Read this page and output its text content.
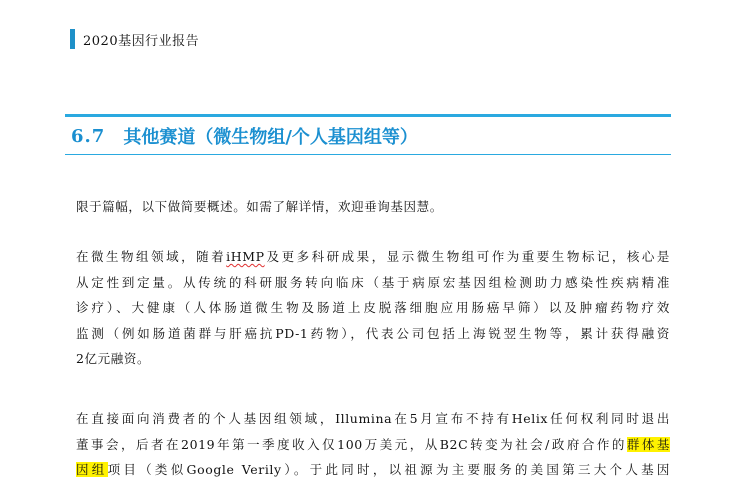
2020基因行业报告
6.7 其他赛道（微生物组/个人基因组等）
限于篇幅，以下做简要概述。如需了解详情，欢迎垂询基因慧。
在微生物组领域，随着iHMP及更多科研成果，显示微生物组可作为重要生物标记，核心是
从定性到定量。从传统的科研服务转向临床（基于病原宏基因组检测助力感染性疾病精准
诊疗）、大健康（人体肠道微生物及肠道上皮脱落细胞应用肠癌早筛）以及肿瘤药物疗效
监测（例如肠道菌群与肝癌抗PD-1药物），代表公司包括上海锐翌生物等，累计获得融资
2亿元融资。
在直接面向消费者的个人基因组领域，Illumina在5月宣布不持有Helix任何权利同时退出
董事会，后者在2019年第一季度收入仅100万美元，从B2C转变为社会/政府合作的群体基
因组项目（类似Google Verily）。于此同时，以祖源为主要服务的美国第三大个人基因
